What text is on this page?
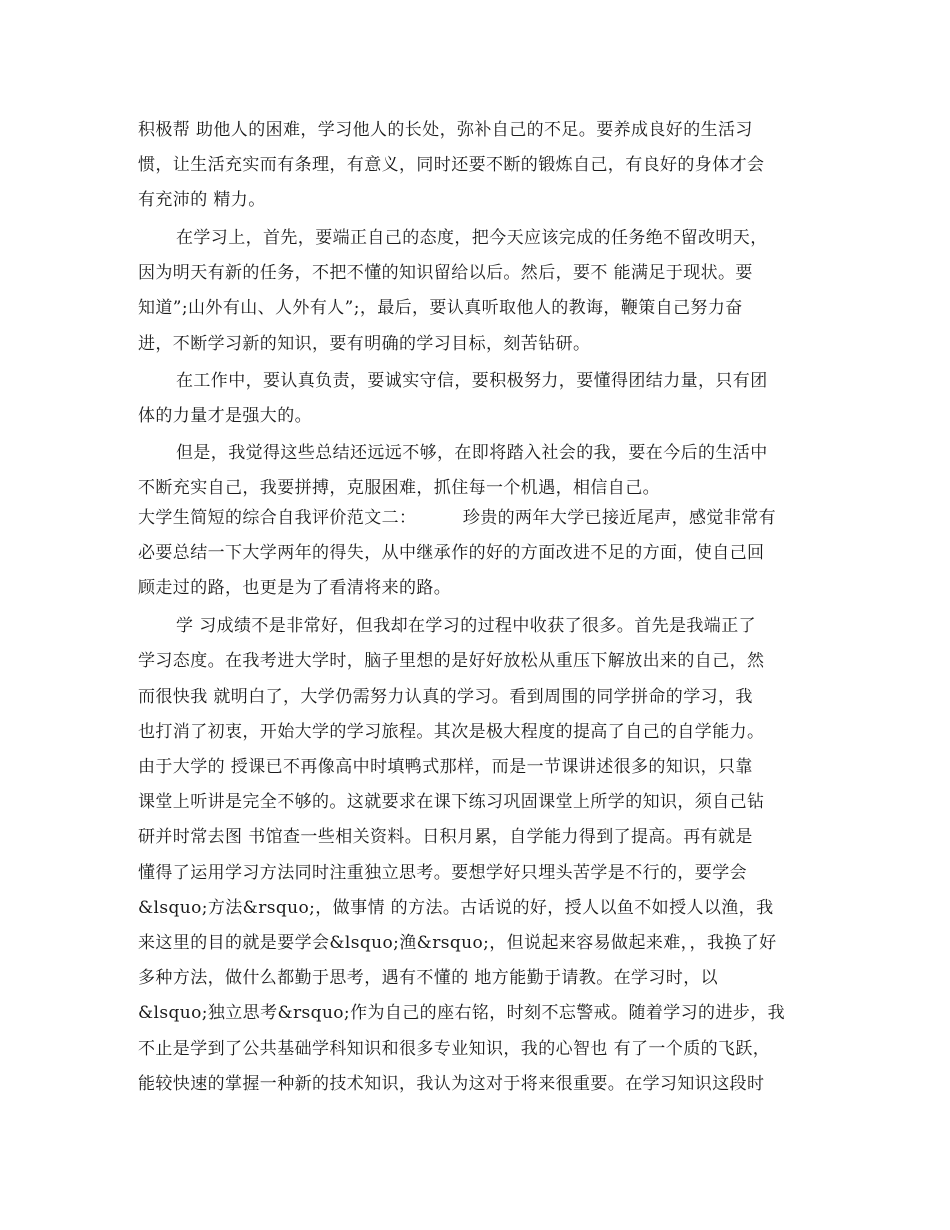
积极帮 助他人的困难，学习他人的长处，弥补自己的不足。要养成良好的生活习
惯，让生活充实而有条理，有意义，同时还要不断的锻炼自己，有良好的身体才会
有充沛的 精力。
在学习上，首先，要端正自己的态度，把今天应该完成的任务绝不留改明天，
因为明天有新的任务，不把不懂的知识留给以后。然后，要不 能满足于现状。要
知道”;山外有山、人外有人”;，最后，要认真听取他人的教诲，鞭策自己努力奋
进，不断学习新的知识，要有明确的学习目标，刻苦钻研。
在工作中，要认真负责，要诚实守信，要积极努力，要懂得团结力量，只有团
体的力量才是强大的。
但是，我觉得这些总结还远远不够，在即将踏入社会的我，要在今后的生活中
不断充实自己，我要拼搏，克服困难，抓住每一个机遇，相信自己。
大学生简短的综合自我评价范文二：        珍贵的两年大学已接近尾声，感觉非常有
必要总结一下大学两年的得失，从中继承作的好的方面改进不足的方面，使自己回
顾走过的路，也更是为了看清将来的路。
学 习成绩不是非常好，但我却在学习的过程中收获了很多。首先是我端正了
学习态度。在我考进大学时，脑子里想的是好好放松从重压下解放出来的自己，然
而很快我 就明白了，大学仍需努力认真的学习。看到周围的同学拼命的学习，我
也打消了初衷，开始大学的学习旅程。其次是极大程度的提高了自己的自学能力。
由于大学的 授课已不再像高中时填鸭式那样，而是一节课讲述很多的知识，只靠
课堂上听讲是完全不够的。这就要求在课下练习巩固课堂上所学的知识，须自己钻
研并时常去图 书馆查一些相关资料。日积月累，自学能力得到了提高。再有就是
懂得了运用学习方法同时注重独立思考。要想学好只埋头苦学是不行的，要学会
&lsquo;方法&rsquo;，做事情 的方法。古话说的好，授人以鱼不如授人以渔，我
来这里的目的就是要学会&lsquo;渔&rsquo;，但说起来容易做起来难，，我换了好
多种方法，做什么都勤于思考，遇有不懂的 地方能勤于请教。在学习时，以
&lsquo;独立思考&rsquo;作为自己的座右铭，时刻不忘警戒。随着学习的进步，我
不止是学到了公共基础学科知识和很多专业知识，我的心智也 有了一个质的飞跃，
能较快速的掌握一种新的技术知识，我认为这对于将来很重要。在学习知识这段时
